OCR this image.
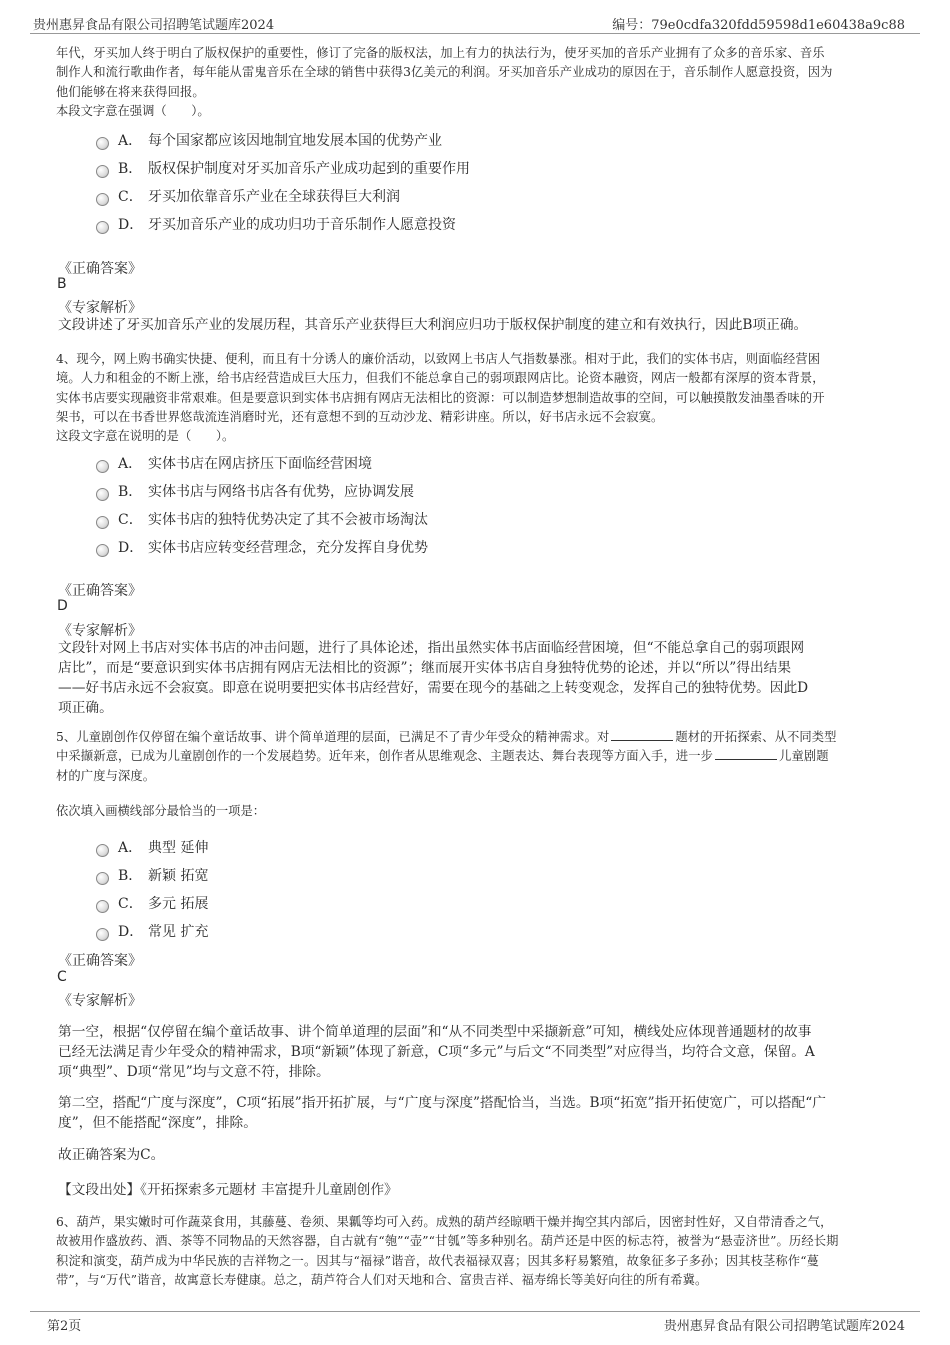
贵州惠昇食品有限公司招聘笔试题库2024	编号：79e0cdfa320fdd59598d1e60438a9c88

年代，牙买加人终于明白了版权保护的重要性，修订了完备的版权法，加上有力的执法行为，使牙买加的音乐产业拥有了众多的音乐家、音乐

制作人和流行歌曲作者，每年能从雷鬼音乐在全球的销售中获得3亿美元的利润。牙买加音乐产业成功的原因在于，音乐制作人愿意投资，因为

他们能够在将来获得回报。

本段文字意在强调（　　）。

A． 每个国家都应该因地制宜地发展本国的优势产业
B． 版权保护制度对牙买加音乐产业成功起到的重要作用
C． 牙买加依靠音乐产业在全球获得巨大利润
D． 牙买加音乐产业的成功归功于音乐制作人愿意投资
《正确答案》
B
《专家解析》

文段讲述了牙买加音乐产业的发展历程，其音乐产业获得巨大利润应归功于版权保护制度的建立和有效执行，因此B项正确。

4、现今，网上购书确实快捷、便利，而且有十分诱人的廉价活动，以致网上书店人气指数暴涨。相对于此，我们的实体书店，则面临经营困

境。人力和租金的不断上涨，给书店经营造成巨大压力，但我们不能总拿自己的弱项跟网店比。论资本融资，网店一般都有深厚的资本背景，

实体书店要实现融资非常艰难。但是要意识到实体书店拥有网店无法相比的资源：可以制造梦想制造故事的空间，可以触摸散发油墨香味的开

架书，可以在书香世界悠哉流连消磨时光，还有意想不到的互动沙龙、精彩讲座。所以，好书店永远不会寂寞。

这段文字意在说明的是（　　）。

A． 实体书店在网店挤压下面临经营困境
B． 实体书店与网络书店各有优势，应协调发展
C． 实体书店的独特优势决定了其不会被市场淘汰
D． 实体书店应转变经营理念，充分发挥自身优势
《正确答案》
D
《专家解析》
文段针对网上书店对实体书店的冲击问题，进行了具体论述，指出虽然实体书店面临经营困境，但“不能总拿自己的弱项跟网
店比”，而是“要意识到实体书店拥有网店无法相比的资源”；继而展开实体书店自身独特优势的论述，并以“所以”得出结果
——好书店永远不会寂寞。即意在说明要把实体书店经营好，需要在现今的基础之上转变观念，发挥自己的独特优势。因此D
项正确。

5、儿童剧创作仅停留在编个童话故事、讲个简单道理的层面，已满足不了青少年受众的精神需求。对	题材的开拓探索、从不同类型

中采撷新意，已成为儿童剧创作的一个发展趋势。近年来，创作者从思维观念、主题表达、舞台表现等方面入手，进一步	儿童剧题

材的广度与深度。

依次填入画横线部分最恰当的一项是：

A． 典型 延伸
B． 新颖 拓宽
C． 多元 拓展
D． 常见 扩充
《正确答案》
C
《专家解析》
第一空，根据“仅停留在编个童话故事、讲个简单道理的层面”和“从不同类型中采撷新意”可知，横线处应体现普通题材的故事
已经无法满足青少年受众的精神需求，B项“新颖”体现了新意，C项“多元”与后文“不同类型”对应得当，均符合文意，保留。A
项“典型”、D项“常见”均与文意不符，排除。
第二空，搭配“广度与深度”，C项“拓展”指开拓扩展，与“广度与深度”搭配恰当，当选。B项“拓宽”指开拓使宽广，可以搭配“广
度”，但不能搭配“深度”，排除。

故正确答案为C。

【文段出处】《开拓探索多元题材 丰富提升儿童剧创作》

6、葫芦，果实嫩时可作蔬菜食用，其藤蔓、卷须、果瓤等均可入药。成熟的葫芦经晾晒干燥并掏空其内部后，因密封性好，又自带清香之气，

故被用作盛放药、酒、茶等不同物品的天然容器，自古就有“匏”“壶”“甘瓠”等多种别名。葫芦还是中医的标志符，被誉为“悬壶济世”。历经长期

积淀和演变，葫芦成为中华民族的吉祥物之一。因其与“福禄”谐音，故代表福禄双喜；因其多籽易繁殖，故象征多子多孙；因其枝茎称作“蔓

带”，与“万代”谐音，故寓意长寿健康。总之，葫芦符合人们对天地和合、富贵吉祥、福寿绵长等美好向往的所有希冀。

第2页	贵州惠昇食品有限公司招聘笔试题库2024
